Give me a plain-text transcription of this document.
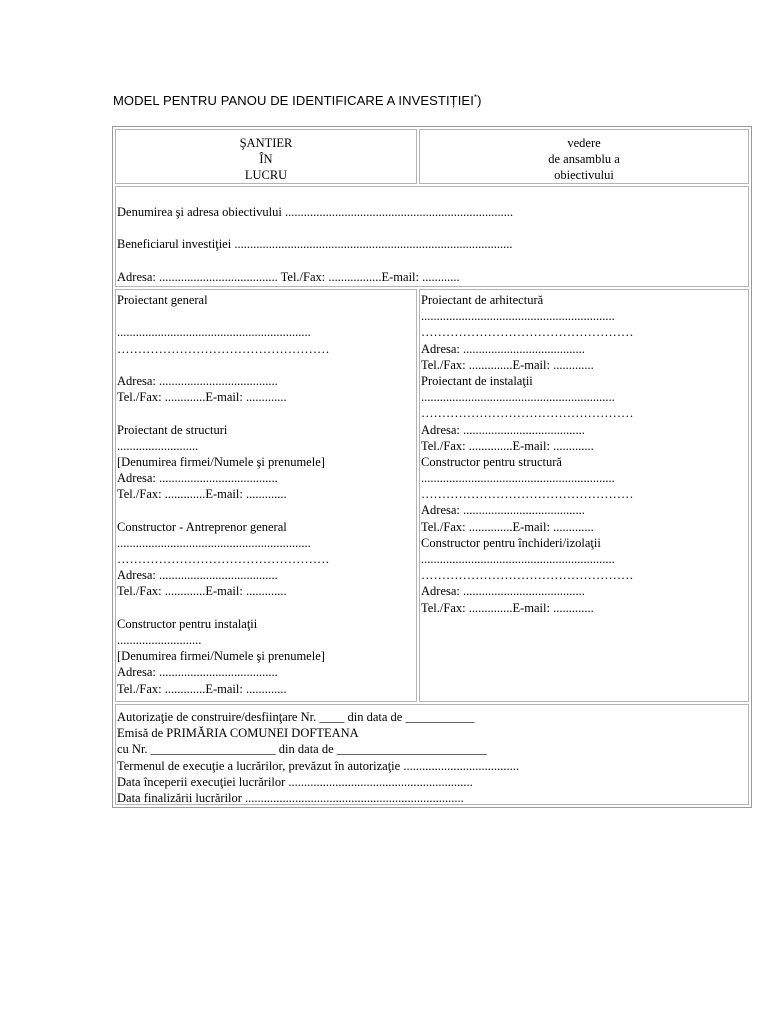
MODEL PENTRU PANOU DE IDENTIFICARE A INVESTIȚIEI*)
ŞANTIER
ÎN
LUCRU
vedere
de ansamblu a
obiectivului
Denumirea şi adresa obiectivului .........................................................................
Beneficiarul investiţiei .........................................................................................
Adresa: ...................................... Tel./Fax: .................E-mail: ............
Proiectant general
..............................................................
……………………………………………
Adresa: ......................................
Tel./Fax: .............E-mail: .............
Proiectant de structuri
..........................
[Denumirea firmei/Numele şi prenumele]
Adresa: ......................................
Tel./Fax: .............E-mail: .............
Constructor - Antreprenor general
..............................................................
……………………………………………
Adresa: ......................................
Tel./Fax: .............E-mail: .............
Constructor pentru instalaţii
...........................
[Denumirea firmei/Numele şi prenumele]
Adresa: ......................................
Tel./Fax: .............E-mail: .............
Proiectant de arhitectură
..............................................................
……………………………………………
Adresa: .......................................
Tel./Fax: ..............E-mail: .............
Proiectant de instalaţii
..............................................................
……………………………………………
Adresa: .......................................
Tel./Fax: ..............E-mail: .............
Constructor pentru structură
..............................................................
……………………………………………
Adresa: .......................................
Tel./Fax: ..............E-mail: .............
Constructor pentru închideri/izolaţii
..............................................................
……………………………………………
Adresa: .......................................
Tel./Fax: ..............E-mail: .............
Autorizaţie de construire/desfiinţare Nr. ____ din data de ___________
Emisă de PRIMĂRIA COMUNEI DOFTEANA
cu Nr. ____________________ din data de ________________________
Termenul de execuţie a lucrărilor, prevăzut în autorizaţie .....................................
Data începerii execuţiei lucrărilor ...........................................................
Data finalizării lucrărilor ......................................................................
